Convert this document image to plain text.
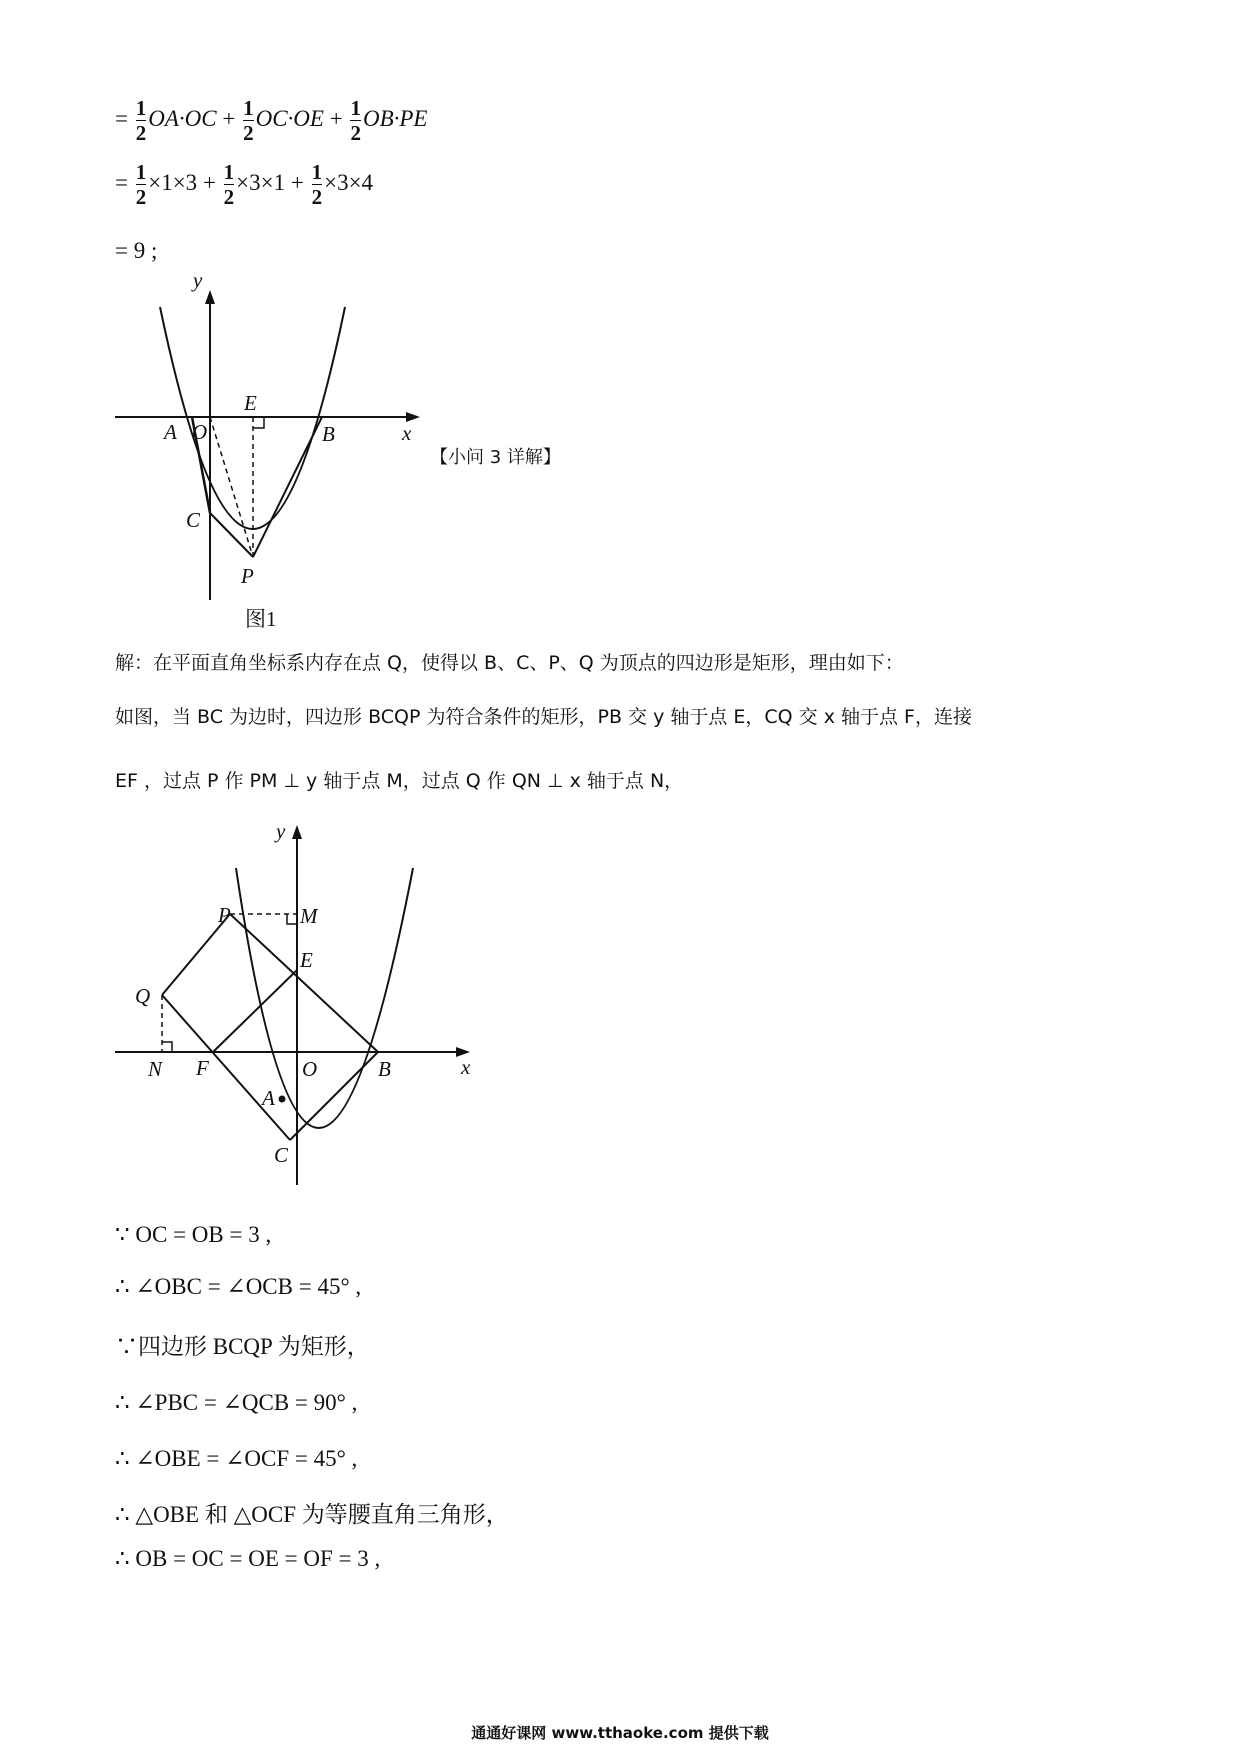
= $\frac{1}{2} OA\cdot OC + \frac{1}{2} OC\cdot OE + \frac{1}{2} OB\cdot PE$
= $\frac{1}{2} \times 1\times 3 + \frac{1}{2} \times 3\times 1 + \frac{1}{2} \times 3\times 4$
= 9 ;
y
x
E
A O	B
C
P
图1
【小问 3 详解】
解：在平面直角坐标系内存在点 Q，使得以 B、C、P、Q 为顶点的四边形是矩形，理由如下：
如图，当 BC 为边时，四边形 BCQP 为符合条件的矩形，PB 交 y 轴于点 E，CQ 交 x 轴于点 F，连接
EF ，过点 P 作 PM ⊥ y 轴于点 M，过点 Q 作 QN ⊥ x 轴于点 N，
y
x
P	M
E
Q
N F	O	B
A
C
∵ OC = OB = 3 ,
∴ ∠OBC = ∠OCB = 45° ,
∵四边形 BCQP 为矩形，
∴ ∠PBC = ∠QCB = 90° ,
∴ ∠OBE = ∠OCF = 45° ,
∴ △OBE 和 △OCF 为等腰直角三角形，
∴ OB = OC = OE = OF = 3 ,
通通好课网 www.tthaoke.com 提供下载
